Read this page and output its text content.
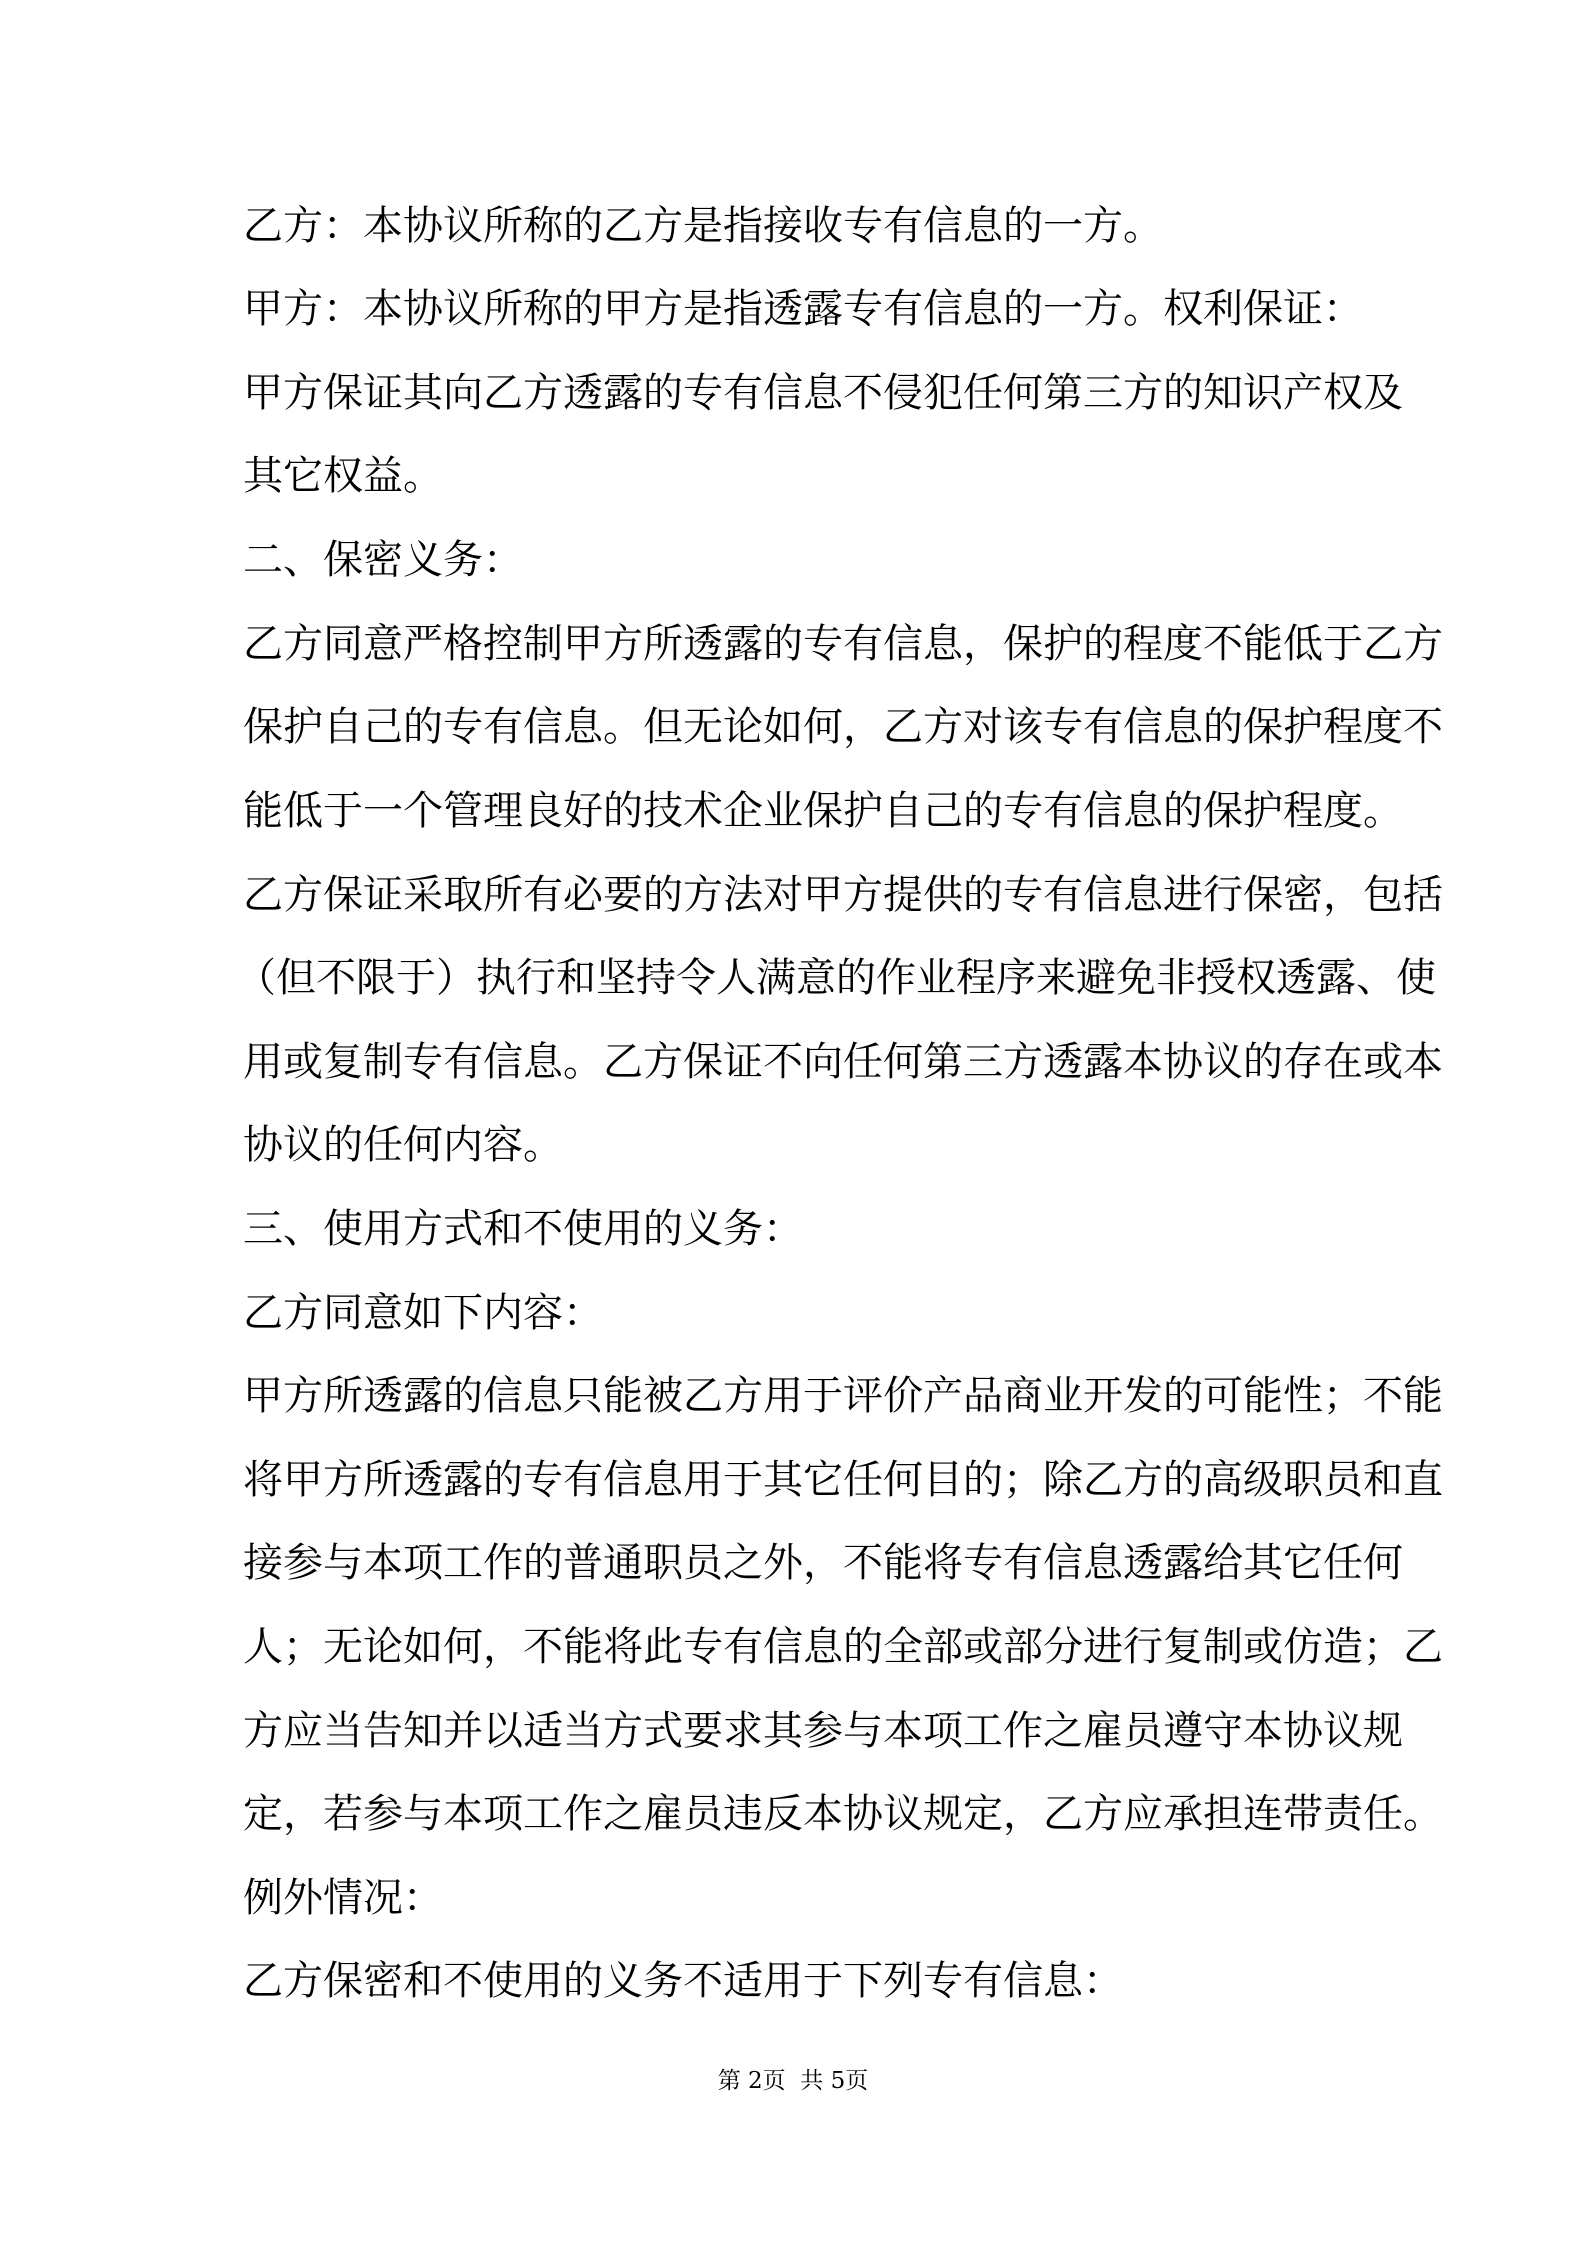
乙方：本协议所称的乙方是指接收专有信息的一方。
甲方：本协议所称的甲方是指透露专有信息的一方。权利保证：
甲方保证其向乙方透露的专有信息不侵犯任何第三方的知识产权及
其它权益。
二、保密义务：
乙方同意严格控制甲方所透露的专有信息，保护的程度不能低于乙方
保护自己的专有信息。但无论如何，乙方对该专有信息的保护程度不
能低于一个管理良好的技术企业保护自己的专有信息的保护程度。
乙方保证采取所有必要的方法对甲方提供的专有信息进行保密，包括
（但不限于）执行和坚持令人满意的作业程序来避免非授权透露、使
用或复制专有信息。乙方保证不向任何第三方透露本协议的存在或本
协议的任何内容。
三、使用方式和不使用的义务：
乙方同意如下内容：
甲方所透露的信息只能被乙方用于评价产品商业开发的可能性；不能
将甲方所透露的专有信息用于其它任何目的；除乙方的高级职员和直
接参与本项工作的普通职员之外，不能将专有信息透露给其它任何
人；无论如何，不能将此专有信息的全部或部分进行复制或仿造；乙
方应当告知并以适当方式要求其参与本项工作之雇员遵守本协议规
定，若参与本项工作之雇员违反本协议规定，乙方应承担连带责任。
例外情况：
乙方保密和不使用的义务不适用于下列专有信息：
第 2页  共 5页
